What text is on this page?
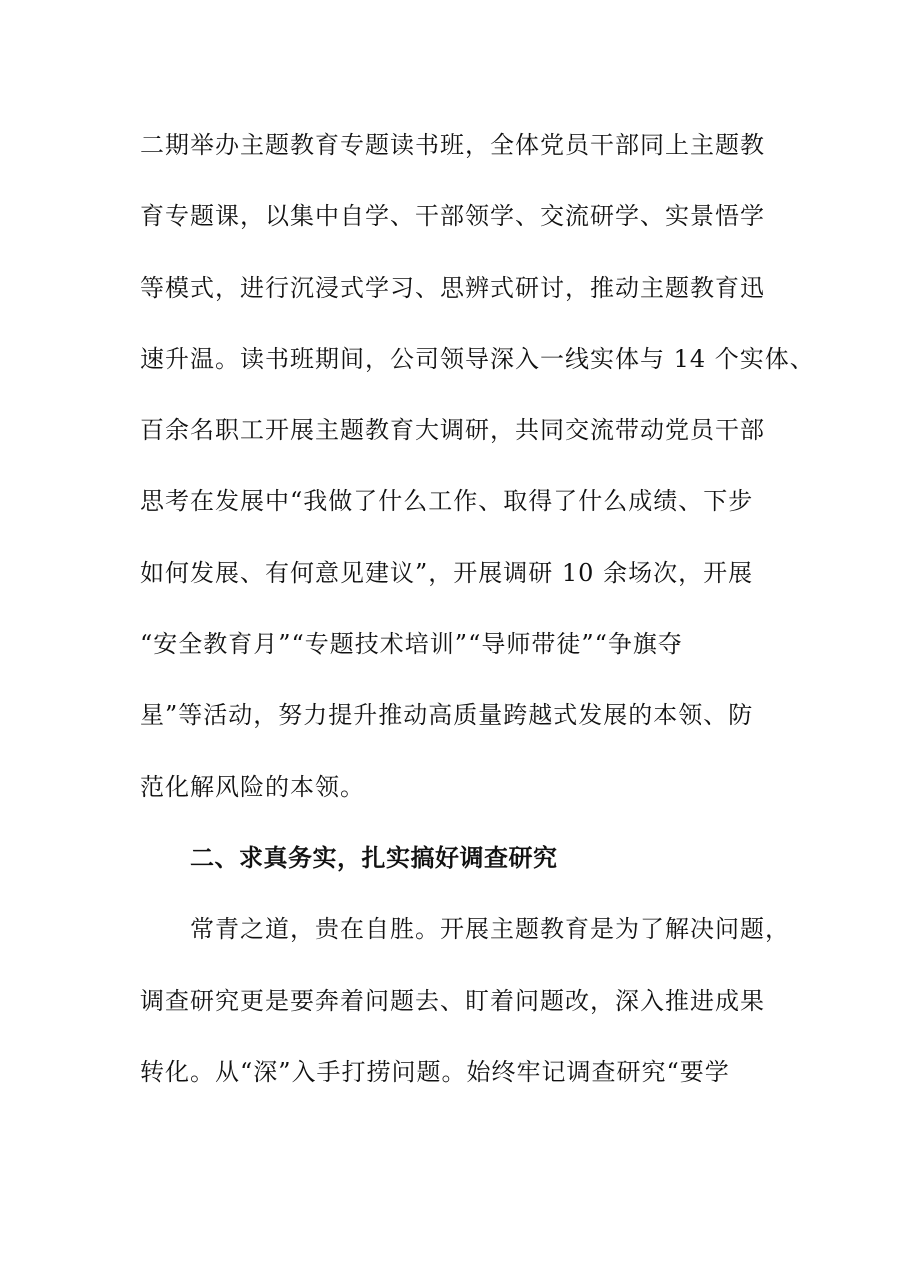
二期举办主题教育专题读书班，全体党员干部同上主题教
育专题课，以集中自学、干部领学、交流研学、实景悟学
等模式，进行沉浸式学习、思辨式研讨，推动主题教育迅
速升温。读书班期间，公司领导深入一线实体与 14 个实体、
百余名职工开展主题教育大调研，共同交流带动党员干部
思考在发展中“我做了什么工作、取得了什么成绩、下步
如何发展、有何意见建议”，开展调研 10 余场次，开展
“安全教育月”“专题技术培训”“导师带徒”“争旗夺
星”等活动，努力提升推动高质量跨越式发展的本领、防
范化解风险的本领。
二、求真务实，扎实搞好调查研究
常青之道，贵在自胜。开展主题教育是为了解决问题，
调查研究更是要奔着问题去、盯着问题改，深入推进成果
转化。从“深”入手打捞问题。始终牢记调查研究“要学
